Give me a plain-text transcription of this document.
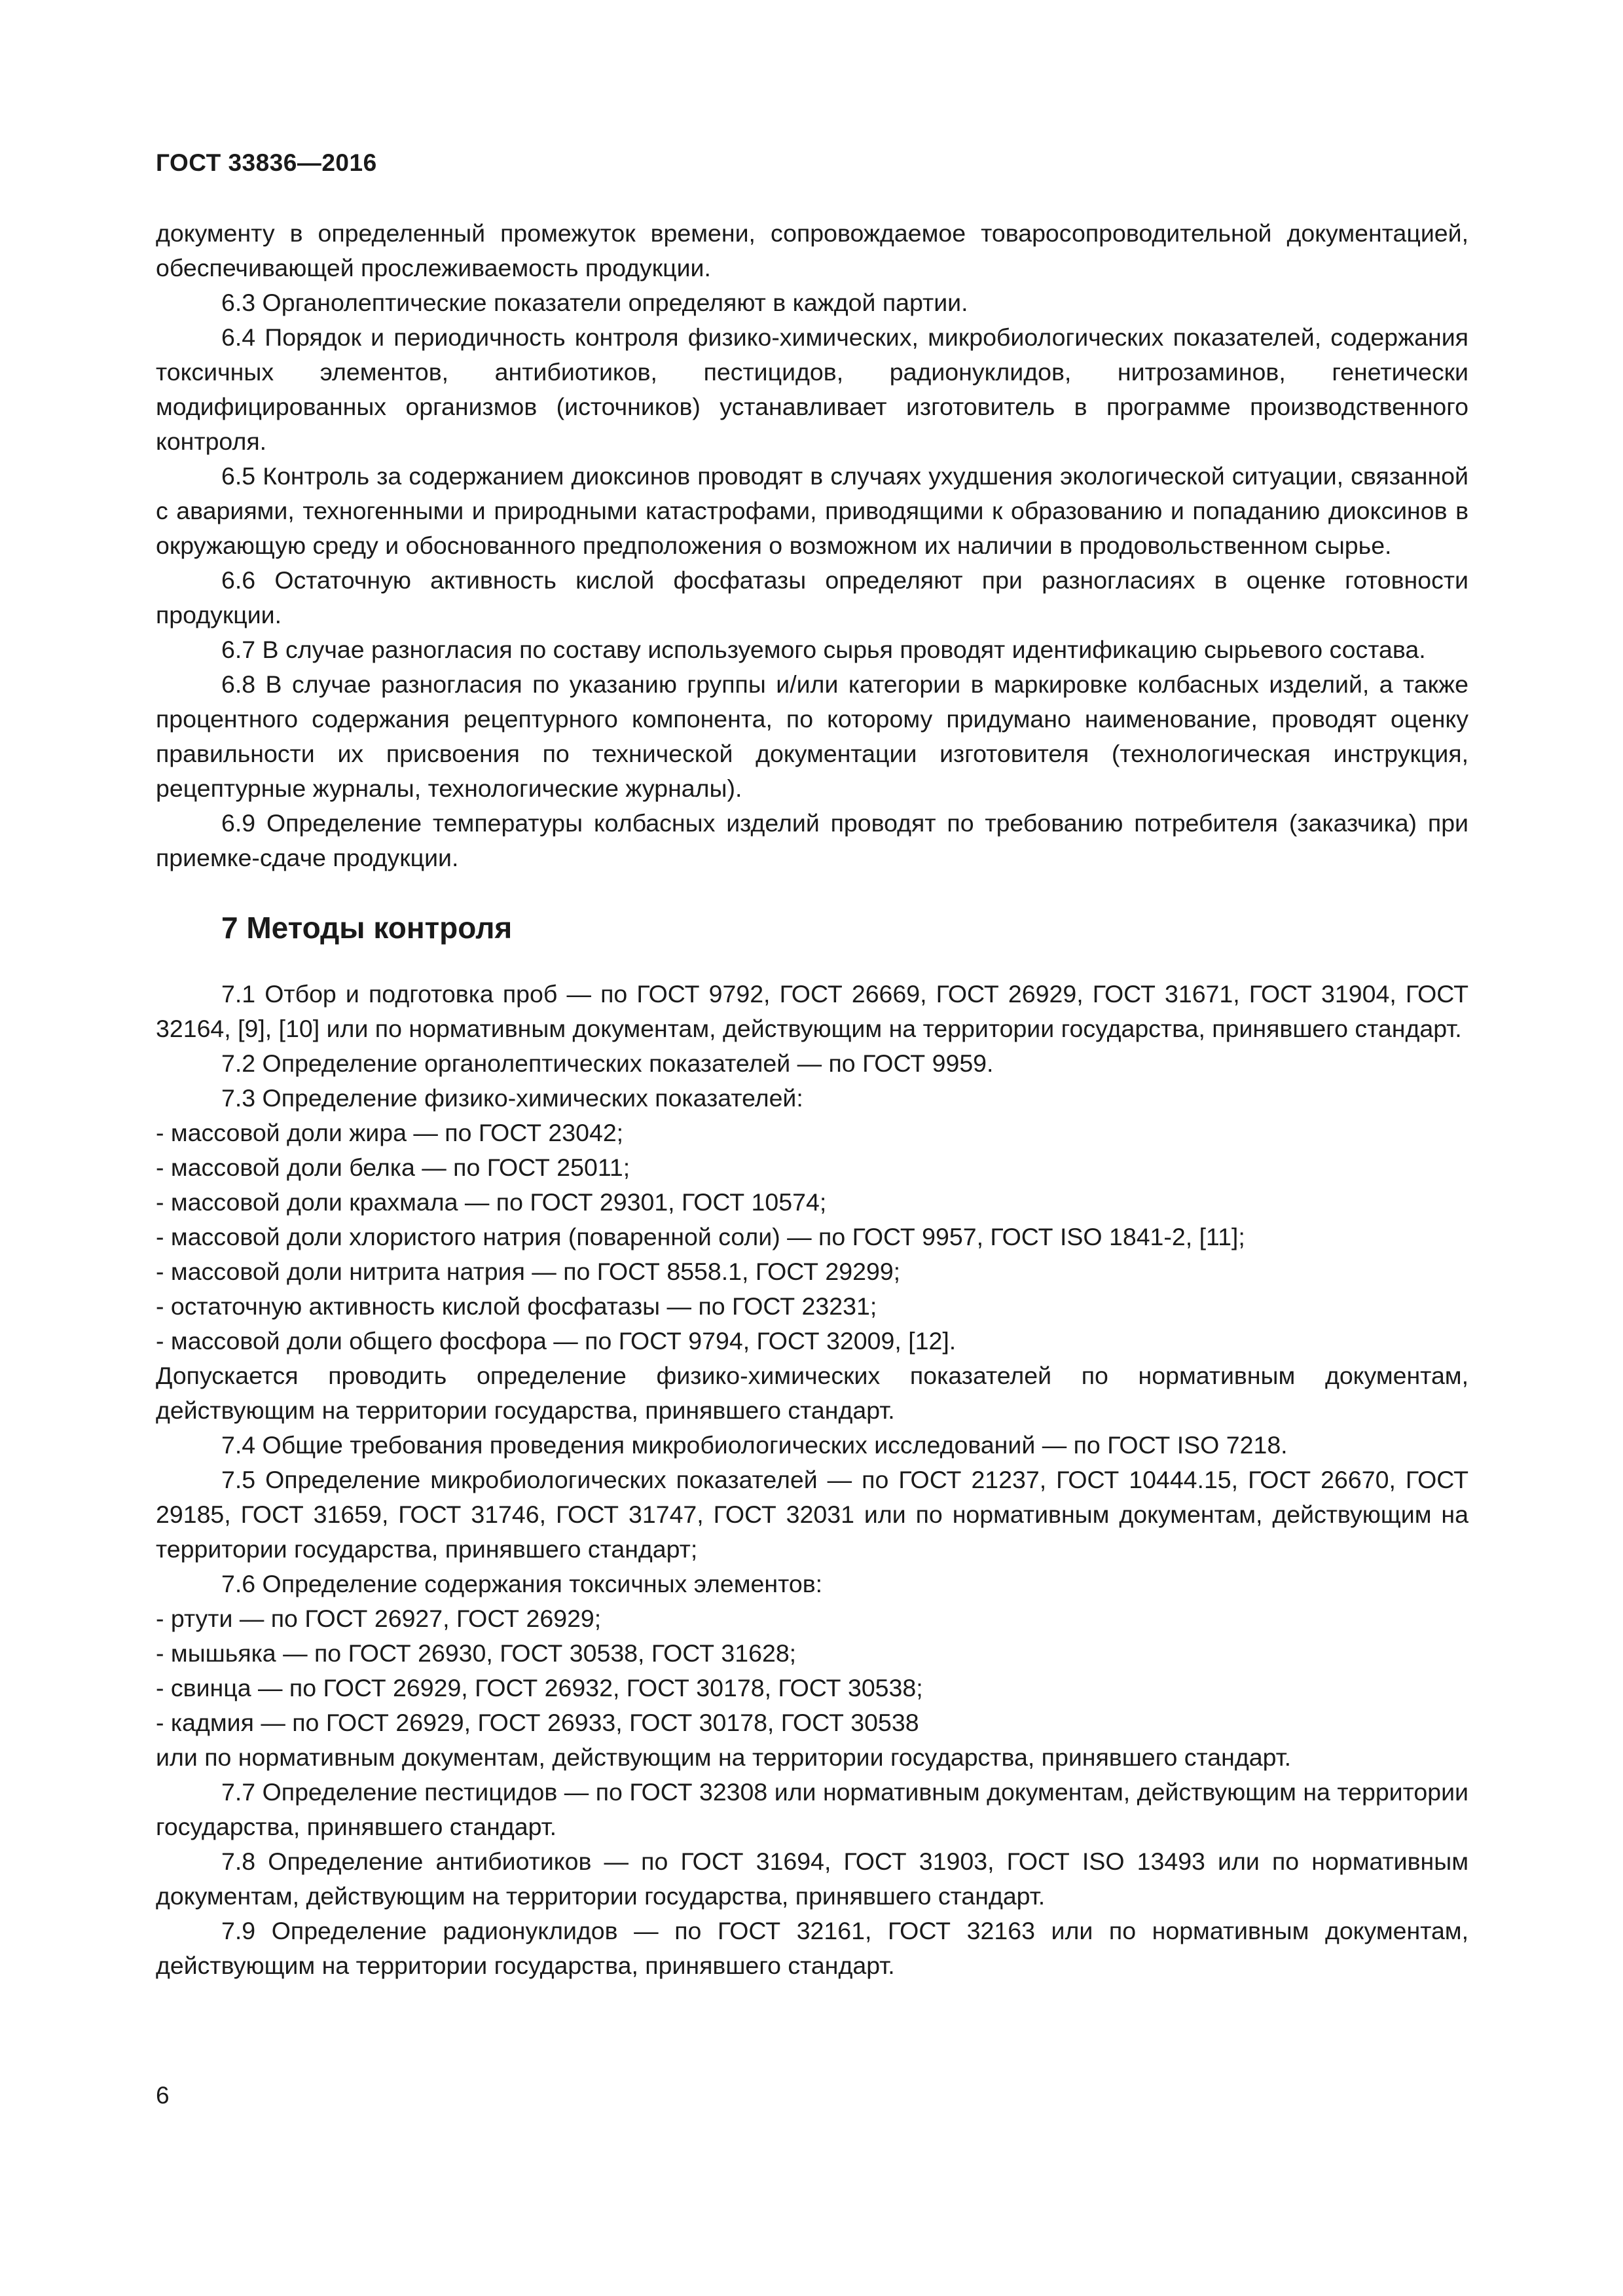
ГОСТ 33836—2016

документу в определенный промежуток времени, сопровождаемое товаросопроводительной документацией, обеспечивающей прослеживаемость продукции.

6.3 Органолептические показатели определяют в каждой партии.

6.4 Порядок и периодичность контроля физико-химических, микробиологических показателей, содержания токсичных элементов, антибиотиков, пестицидов, радионуклидов, нитрозаминов, генетически модифицированных организмов (источников) устанавливает изготовитель в программе производственного контроля.

6.5 Контроль за содержанием диоксинов проводят в случаях ухудшения экологической ситуации, связанной с авариями, техногенными и природными катастрофами, приводящими к образованию и попаданию диоксинов в окружающую среду и обоснованного предположения о возможном их наличии в продовольственном сырье.

6.6 Остаточную активность кислой фосфатазы определяют при разногласиях в оценке готовности продукции.

6.7 В случае разногласия по составу используемого сырья проводят идентификацию сырьевого состава.

6.8 В случае разногласия по указанию группы и/или категории в маркировке колбасных изделий, а также процентного содержания рецептурного компонента, по которому придумано наименование, проводят оценку правильности их присвоения по технической документации изготовителя (технологическая инструкция, рецептурные журналы, технологические журналы).

6.9 Определение температуры колбасных изделий проводят по требованию потребителя (заказчика) при приемке-сдаче продукции.

7 Методы контроля

7.1 Отбор и подготовка проб — по ГОСТ 9792, ГОСТ 26669, ГОСТ 26929, ГОСТ 31671, ГОСТ 31904, ГОСТ 32164, [9], [10] или по нормативным документам, действующим на территории государства, принявшего стандарт.

7.2 Определение органолептических показателей — по ГОСТ 9959.

7.3 Определение физико-химических показателей:

- массовой доли жира — по ГОСТ 23042;

- массовой доли белка — по ГОСТ 25011;

- массовой доли крахмала — по ГОСТ 29301, ГОСТ 10574;

- массовой доли хлористого натрия (поваренной соли) — по ГОСТ 9957, ГОСТ ISO 1841-2, [11];

- массовой доли нитрита натрия — по ГОСТ 8558.1, ГОСТ 29299;

- остаточную активность кислой фосфатазы — по ГОСТ 23231;

- массовой доли общего фосфора — по ГОСТ 9794, ГОСТ 32009, [12].

Допускается проводить определение физико-химических показателей по нормативным документам, действующим на территории государства, принявшего стандарт.

7.4 Общие требования проведения микробиологических исследований — по ГОСТ ISO 7218.

7.5 Определение микробиологических показателей — по ГОСТ 21237, ГОСТ 10444.15, ГОСТ 26670, ГОСТ 29185, ГОСТ 31659, ГОСТ 31746, ГОСТ 31747, ГОСТ 32031 или по нормативным документам, действующим на территории государства, принявшего стандарт;

7.6 Определение содержания токсичных элементов:

- ртути — по ГОСТ 26927, ГОСТ 26929;

- мышьяка — по ГОСТ 26930, ГОСТ 30538, ГОСТ 31628;

- свинца — по ГОСТ 26929, ГОСТ 26932, ГОСТ 30178, ГОСТ 30538;

- кадмия — по ГОСТ 26929, ГОСТ 26933, ГОСТ 30178, ГОСТ 30538

или по нормативным документам, действующим на территории государства, принявшего стандарт.

7.7 Определение пестицидов — по ГОСТ 32308 или нормативным документам, действующим на территории государства, принявшего стандарт.

7.8 Определение антибиотиков — по ГОСТ 31694, ГОСТ 31903, ГОСТ ISO 13493 или по нормативным документам, действующим на территории государства, принявшего стандарт.

7.9 Определение радионуклидов — по ГОСТ 32161, ГОСТ 32163 или по нормативным документам, действующим на территории государства, принявшего стандарт.

6
